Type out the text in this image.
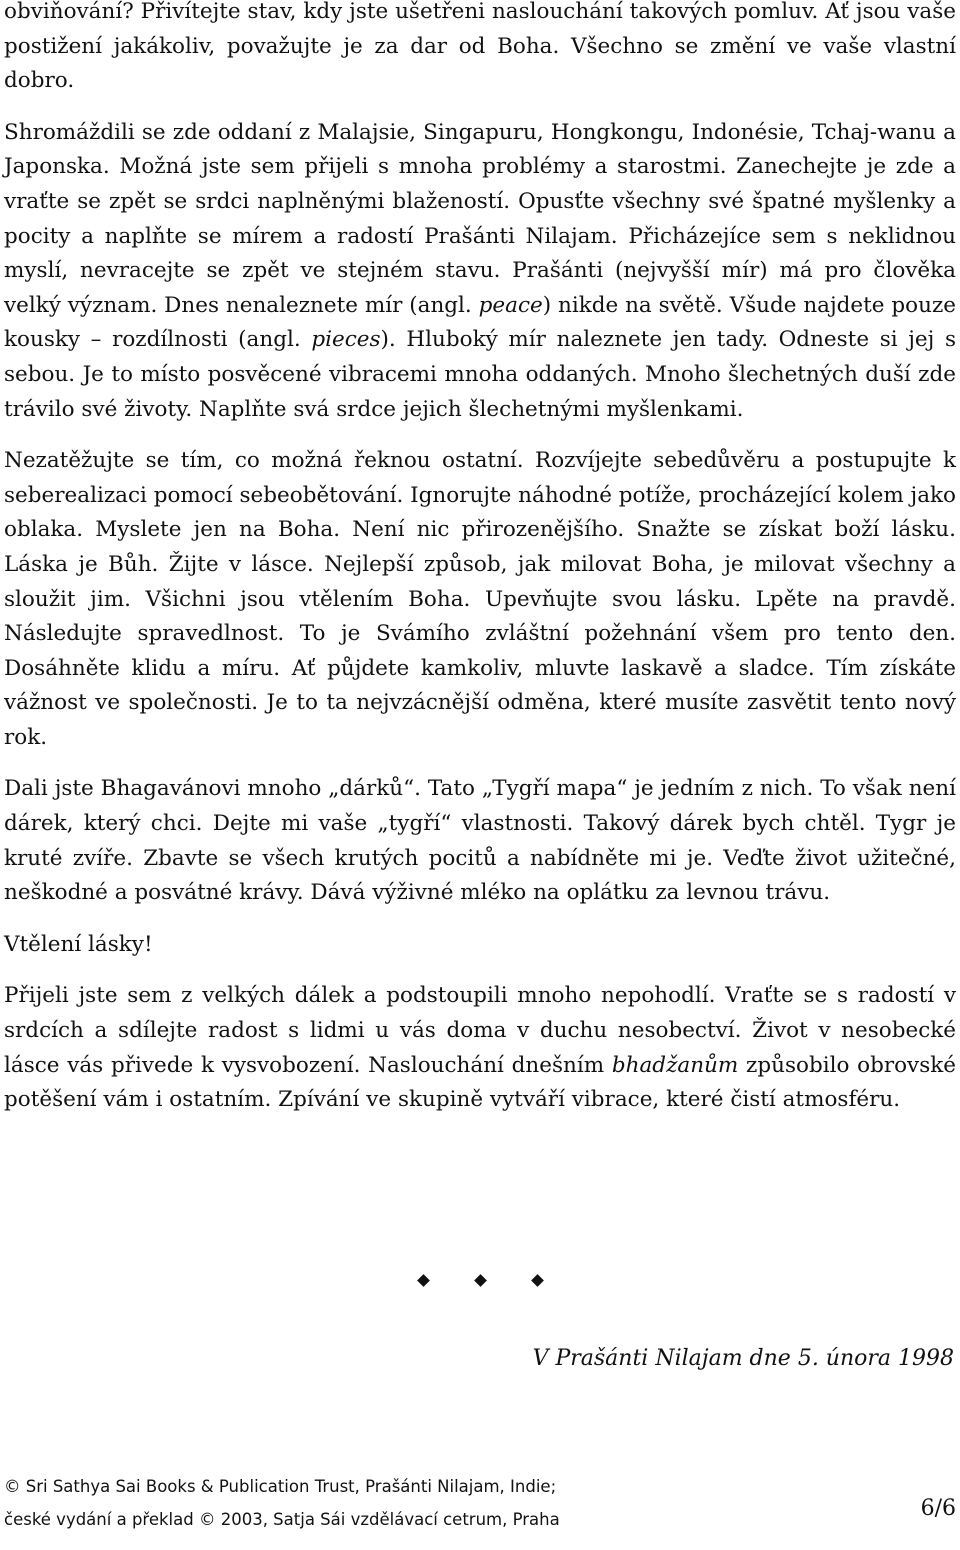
obviňování? Přivítejte stav, kdy jste ušetřeni naslouchání takových pomluv. Ať jsou vaše postižení jakákoliv, považujte je za dar od Boha. Všechno se změní ve vaše vlastní dobro.

Shromáždili se zde oddaní z Malajsie, Singapuru, Hongkongu, Indonésie, Tchaj-wanu a Japonska. Možná jste sem přijeli s mnoha problémy a starostmi. Zanechejte je zde a vraťte se zpět se srdci naplněnými blažeností. Opusťte všechny své špatné myšlenky a pocity a naplňte se mírem a radostí Prašánti Nilajam. Přicházejíce sem s neklidnou myslí, nevracejte se zpět ve stejném stavu. Prašánti (nejvyšší mír) má pro člověka velký význam. Dnes nenaleznete mír (angl. peace) nikde na světě. Všude najdete pouze kousky – rozdílnosti (angl. pieces). Hluboký mír naleznete jen tady. Odneste si jej s sebou. Je to místo posvěcené vibracemi mnoha oddaných. Mnoho šlechetných duší zde trávilo své životy. Naplňte svá srdce jejich šlechetnými myšlenkami.

Nezatěžujte se tím, co možná řeknou ostatní. Rozvíjejte sebedůvěru a postupujte k seberealizaci pomocí sebeobětování. Ignorujte náhodné potíže, procházející kolem jako oblaka. Myslete jen na Boha. Není nic přirozenějšího. Snažte se získat boží lásku. Láska je Bůh. Žijte v lásce. Nejlepší způsob, jak milovat Boha, je milovat všechny a sloužit jim. Všichni jsou vtělením Boha. Upevňujte svou lásku. Lpěte na pravdě. Následujte spravedlnost. To je Svámího zvláštní požehnání všem pro tento den. Dosáhněte klidu a míru. Ať půjdete kamkoliv, mluvte laskavě a sladce. Tím získáte vážnost ve společnosti. Je to ta nejvzácnější odměna, které musíte zasvětit tento nový rok.

Dali jste Bhagavánovi mnoho „dárků“. Tato „Tygří mapa“ je jedním z nich. To však není dárek, který chci. Dejte mi vaše „tygří“ vlastnosti. Takový dárek bych chtěl. Tygr je kruté zvíře. Zbavte se všech krutých pocitů a nabídněte mi je. Veďte život užitečné, neškodné a posvátné krávy. Dává výživné mléko na oplátku za levnou trávu.

Vtělení lásky!

Přijeli jste sem z velkých dálek a podstoupili mnoho nepohodlí. Vraťte se s radostí v srdcích a sdílejte radost s lidmi u vás doma v duchu nesobectví. Život v nesobecké lásce vás přivede k vysvobození. Naslouchání dnešním bhadžanům způsobilo obrovské potěšení vám i ostatním. Zpívání ve skupině vytváří vibrace, které čistí atmosféru.

V Prašánti Nilajam dne 5. února 1998
© Sri Sathya Sai Books & Publication Trust, Prašánti Nilajam, Indie;
české vydání a překlad © 2003, Satja Sái vzdělávací cetrum, Praha	6/6
